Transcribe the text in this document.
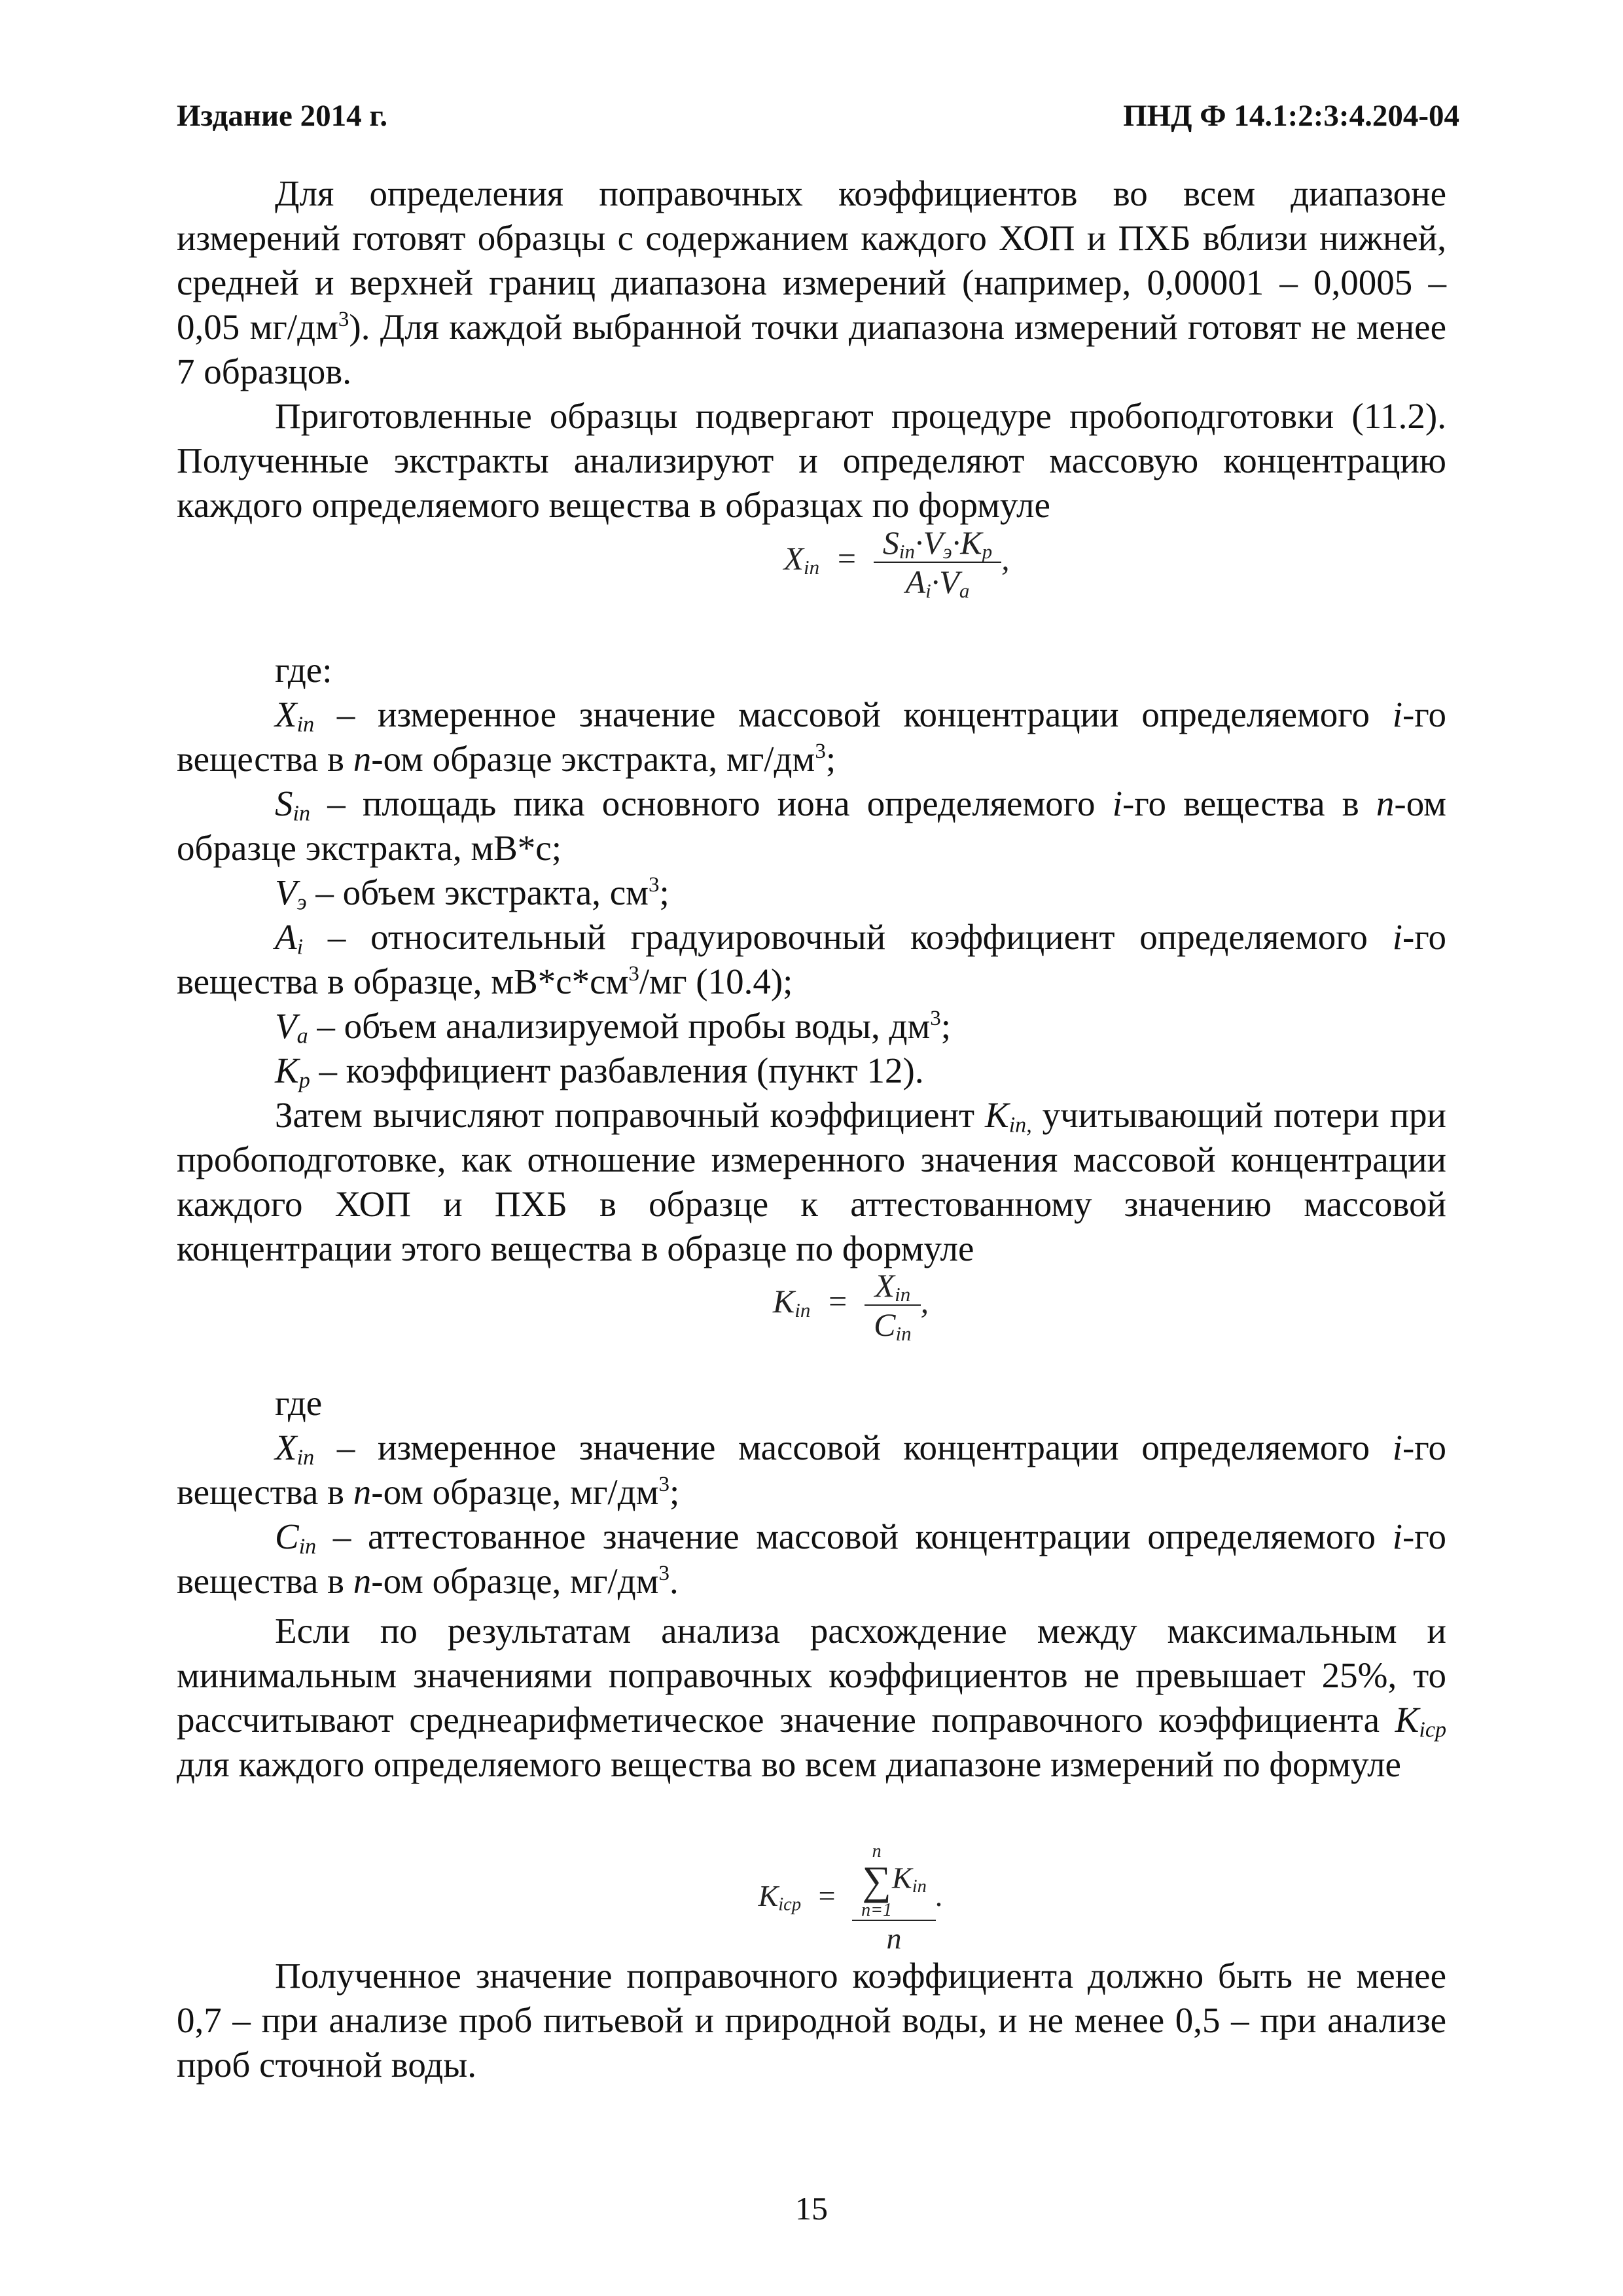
Издание 2014 г.	ПНД Ф 14.1:2:3:4.204-04

Для определения поправочных коэффициентов во всем диапазоне измерений готовят образцы с содержанием каждого ХОП и ПХБ вблизи нижней, средней и верхней границ диапазона измерений (например, 0,00001 – 0,0005 – 0,05 $мг/дм^3$). Для каждой выбранной точки диапазона измерений готовят не менее 7 образцов.

Приготовленные образцы подвергают процедуре пробоподготовки (11.2). Полученные экстракты анализируют и определяют массовую концентрацию каждого определяемого вещества в образцах по формуле

$X_{in} = \frac{S_{in}\cdot V_э\cdot K_p}{A_i\cdot V_a}$ ,

где:

$X_{in}$ – измеренное значение массовой концентрации определяемого i-го вещества в n-ом образце экстракта, $мг/дм^3$;

$S_{in}$ – площадь пика основного иона определяемого i-го вещества в n-ом образце экстракта, мВ*с;

$V_э$ – объем экстракта, $см^3$;

$A_i$ – относительный градуировочный коэффициент определяемого i-го вещества в образце, $мВ*с*см^3/мг$ (10.4);

$V_a$ – объем анализируемой пробы воды, $дм^3$;

$K_p$ – коэффициент разбавления (пункт 12).

Затем вычисляют поправочный коэффициент $K_{in,}$ учитывающий потери при пробоподготовке, как отношение измеренного значения массовой концентрации каждого ХОП и ПХБ в образце к аттестованному значению массовой концентрации этого вещества в образце по формуле

$K_{in} = \frac{X_{in}}{C_{in}}$ ,

где

$X_{in}$ – измеренное значение массовой концентрации определяемого i-го вещества в n-ом образце, $мг/дм^3$;

$C_{in}$ – аттестованное значение массовой концентрации определяемого i-го вещества в n-ом образце, $мг/дм^3$.

Если по результатам анализа расхождение между максимальным и минимальным значениями поправочных коэффициентов не превышает 25%, то рассчитывают среднеарифметическое значение поправочного коэффициента $K_{icp}$ для каждого определяемого вещества во всем диапазоне измерений по формуле

$K_{icp} = n$
∑
n=1
$K_{in}$
n .

Полученное значение поправочного коэффициента должно быть не менее 0,7 – при анализе проб питьевой и природной воды, и не менее 0,5 – при анализе проб сточной воды.

15
